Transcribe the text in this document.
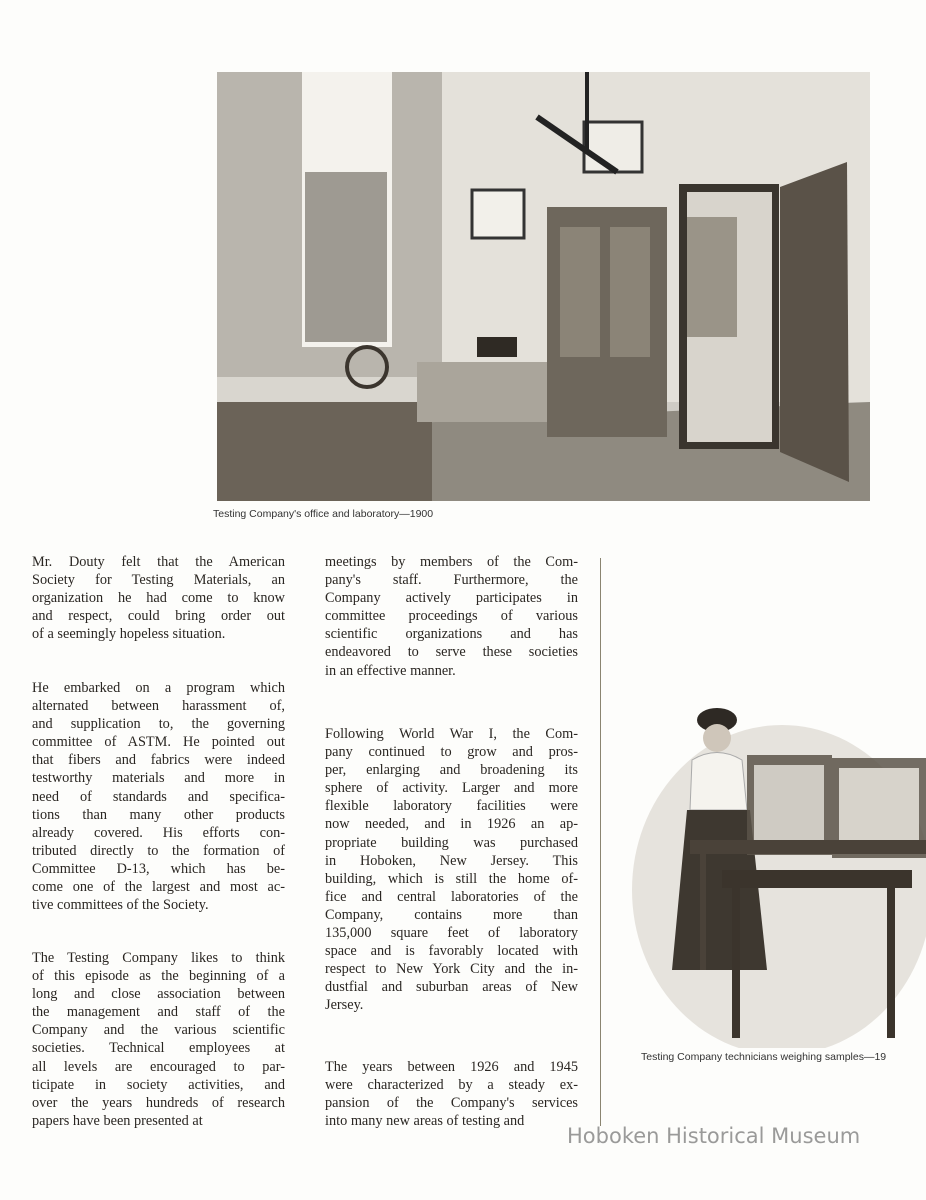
Testing Company's office and laboratory—1900
Testing Company technicians weighing samples—19
Mr. Douty felt that the American
Society for Testing Materials, an
organization he had come to know
and respect, could bring order out
of a seemingly hopeless situation.
He embarked on a program which
alternated between harassment of,
and supplication to, the governing
committee of ASTM. He pointed out
that fibers and fabrics were indeed
testworthy materials and more in
need of standards and specifica-
tions than many other products
already covered. His efforts con-
tributed directly to the formation of
Committee D-13, which has be-
come one of the largest and most ac-
tive committees of the Society.
The Testing Company likes to think
of this episode as the beginning of a
long and close association between
the management and staff of the
Company and the various scientific
societies. Technical employees at
all levels are encouraged to par-
ticipate in society activities, and
over the years hundreds of research
papers have been presented at
meetings by members of the Com-
pany's staff. Furthermore, the
Company actively participates in
committee proceedings of various
scientific organizations and has
endeavored to serve these societies
in an effective manner.
Following World War I, the Com-
pany continued to grow and pros-
per, enlarging and broadening its
sphere of activity. Larger and more
flexible laboratory facilities were
now needed, and in 1926 an ap-
propriate building was purchased
in Hoboken, New Jersey. This
building, which is still the home of-
fice and central laboratories of the
Company, contains more than
135,000 square feet of laboratory
space and is favorably located with
respect to New York City and the in-
dustfial and suburban areas of New
Jersey.
The years between 1926 and 1945
were characterized by a steady ex-
pansion of the Company's services
into many new areas of testing and
Hoboken Historical Museum
